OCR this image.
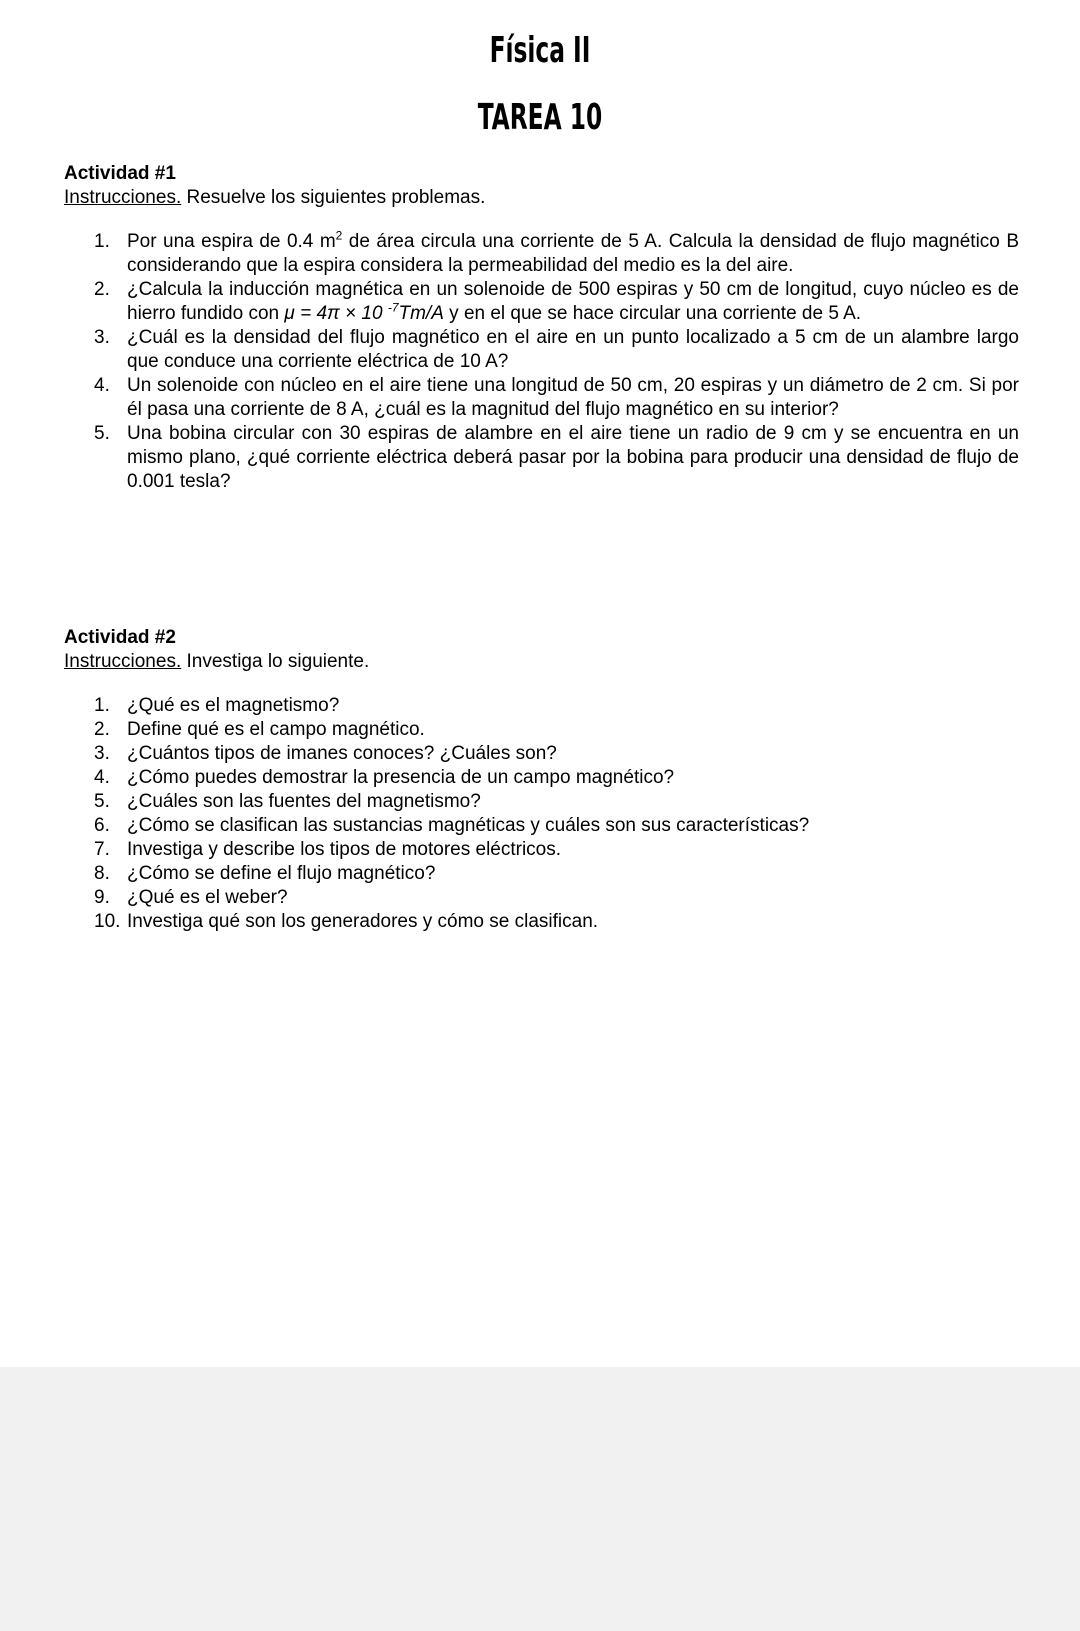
Física II
TAREA 10
Actividad #1
Instrucciones. Resuelve los siguientes problemas.
1. Por una espira de 0.4 $m^2$ de área circula una corriente de 5 A. Calcula la densidad de flujo magnético B considerando que la espira considera la permeabilidad del medio es la del aire.
2. ¿Calcula la inducción magnética en un solenoide de 500 espiras y 50 cm de longitud, cuyo núcleo es de hierro fundido con μ = 4π × 10 $^{-7}$Tm/A y en el que se hace circular una corriente de 5 A.
3. ¿Cuál es la densidad del flujo magnético en el aire en un punto localizado a 5 cm de un alambre largo que conduce una corriente eléctrica de 10 A?
4. Un solenoide con núcleo en el aire tiene una longitud de 50 cm, 20 espiras y un diámetro de 2 cm. Si por él pasa una corriente de 8 A, ¿cuál es la magnitud del flujo magnético en su interior?
5. Una bobina circular con 30 espiras de alambre en el aire tiene un radio de 9 cm y se encuentra en un mismo plano, ¿qué corriente eléctrica deberá pasar por la bobina para producir una densidad de flujo de 0.001 tesla?
Actividad #2
Instrucciones. Investiga lo siguiente.
1. ¿Qué es el magnetismo?
2. Define qué es el campo magnético.
3. ¿Cuántos tipos de imanes conoces? ¿Cuáles son?
4. ¿Cómo puedes demostrar la presencia de un campo magnético?
5. ¿Cuáles son las fuentes del magnetismo?
6. ¿Cómo se clasifican las sustancias magnéticas y cuáles son sus características?
7. Investiga y describe los tipos de motores eléctricos.
8. ¿Cómo se define el flujo magnético?
9. ¿Qué es el weber?
10. Investiga qué son los generadores y cómo se clasifican.
